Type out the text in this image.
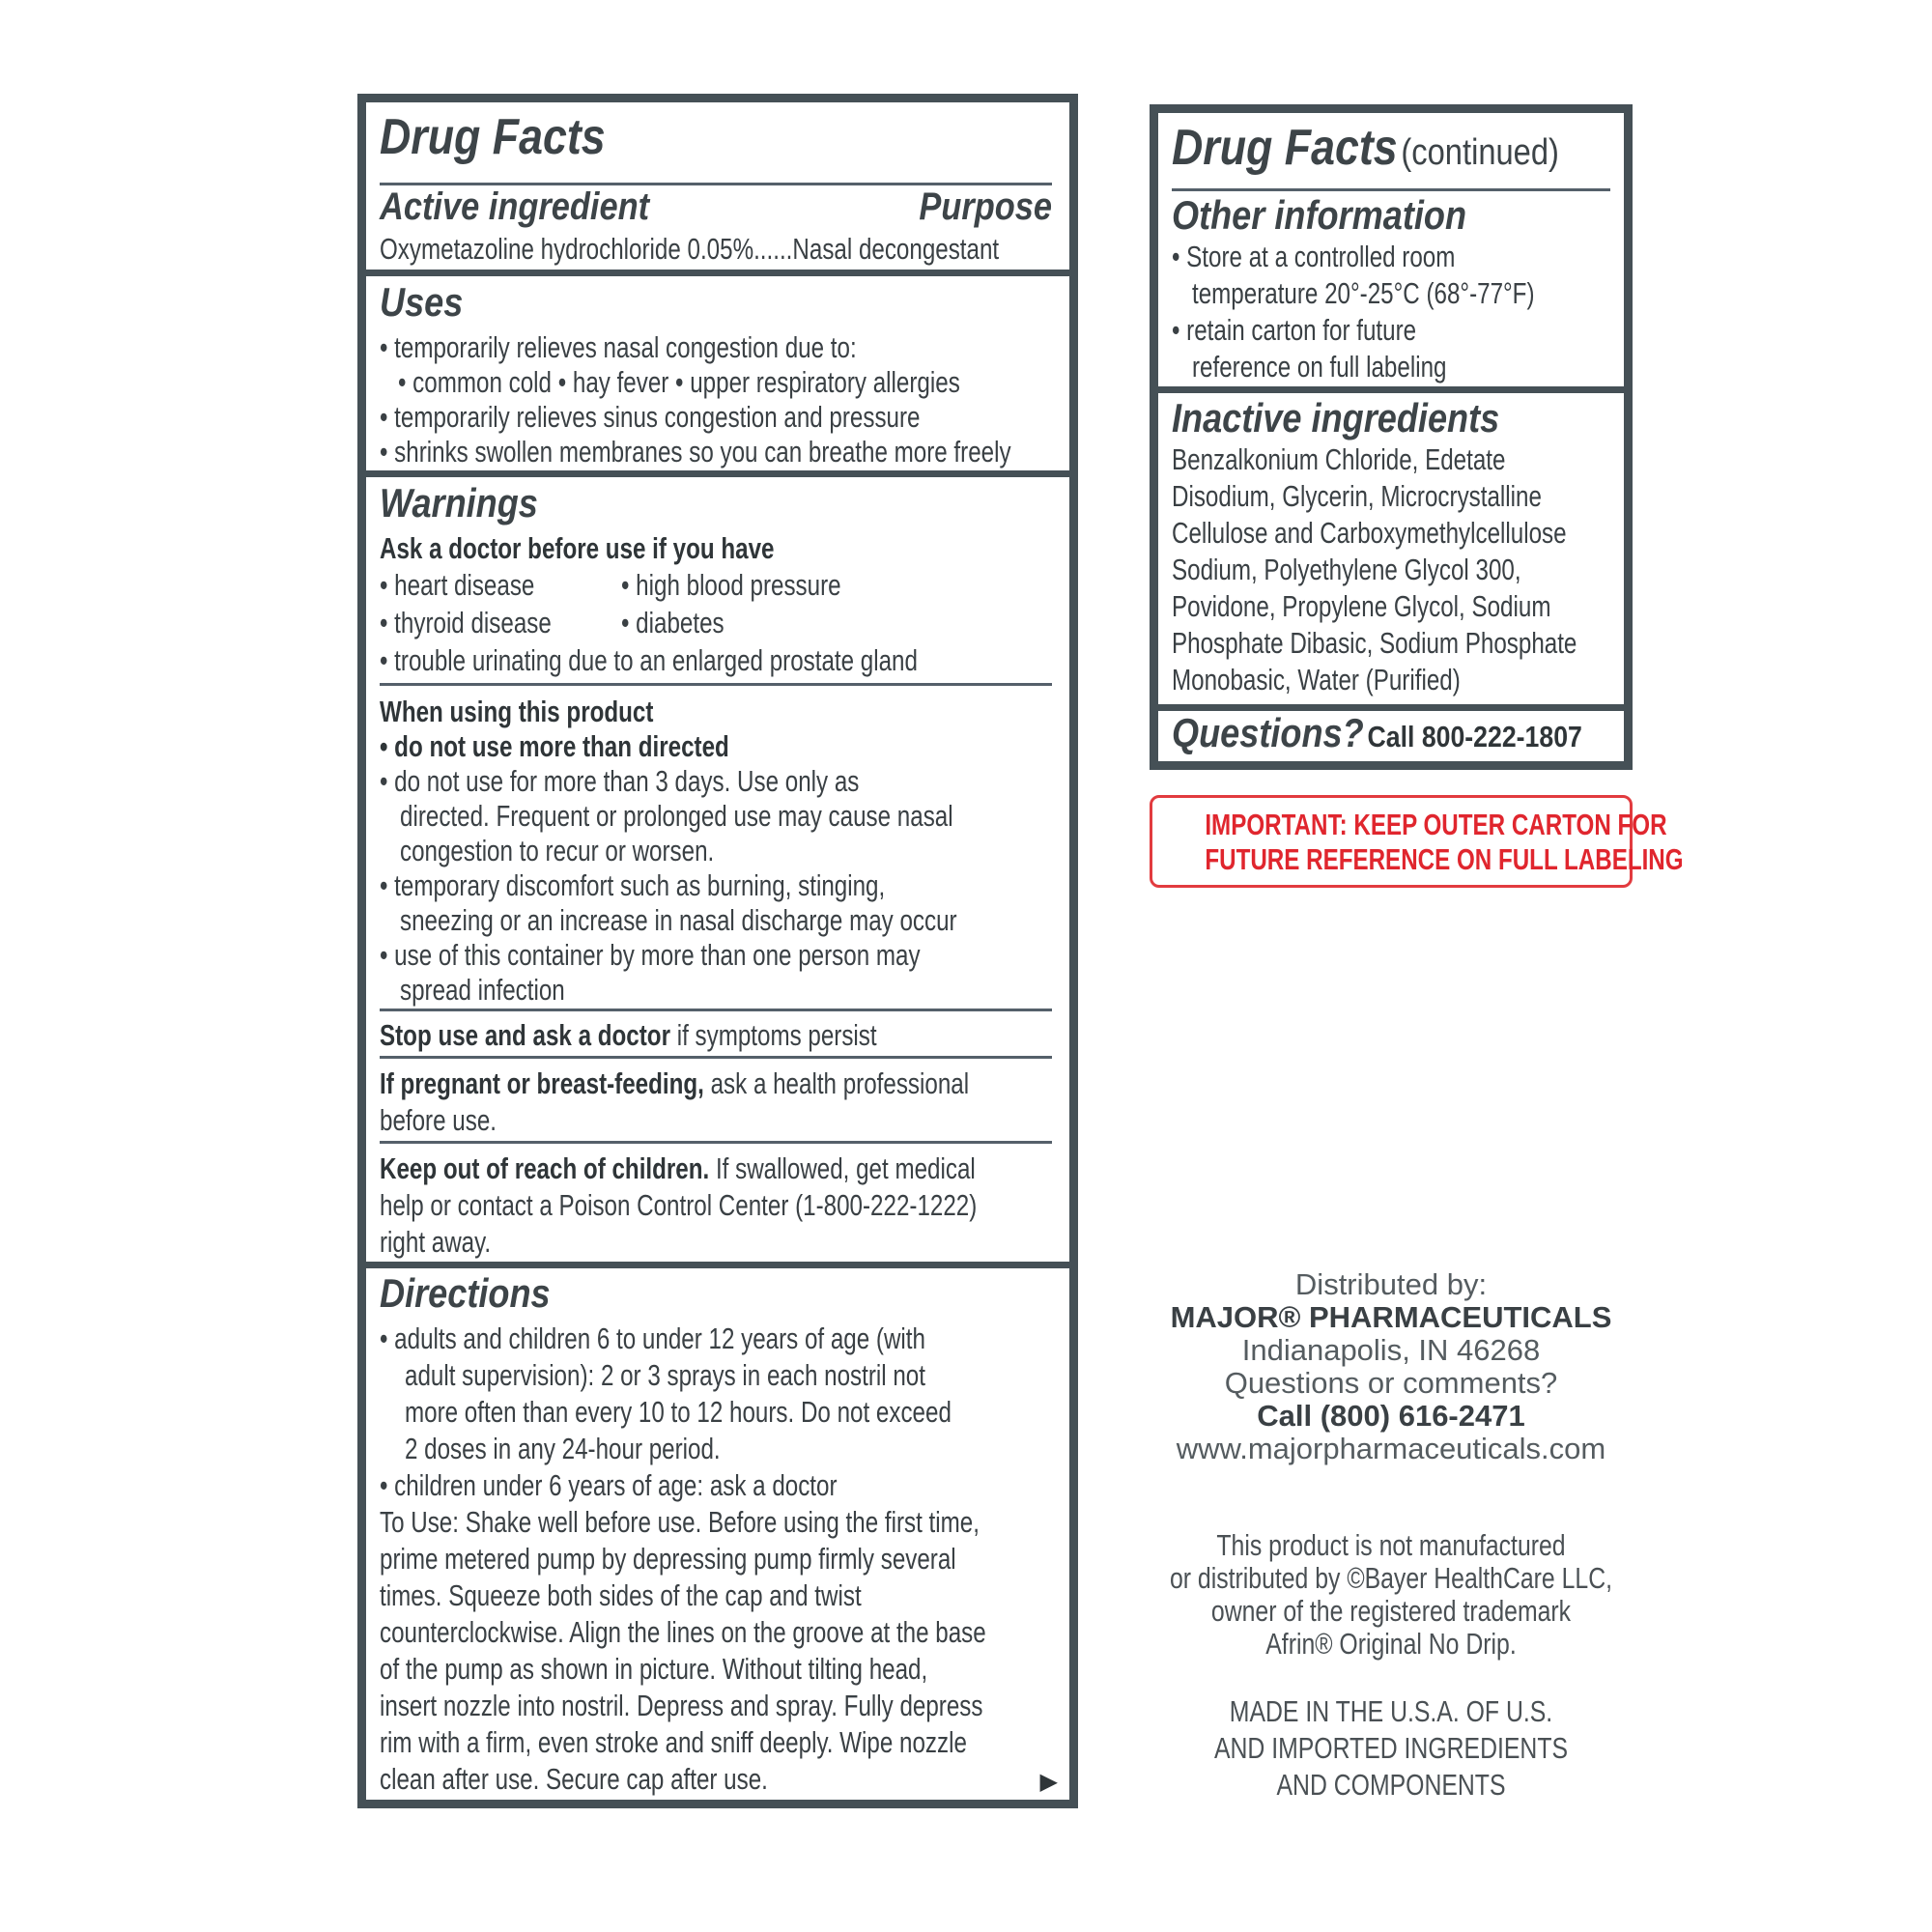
Drug Facts
Active ingredient	Purpose
Oxymetazoline hydrochloride 0.05%......Nasal decongestant
Uses
• temporarily relieves nasal congestion due to:
• common cold • hay fever • upper respiratory allergies
• temporarily relieves sinus congestion and pressure
• shrinks swollen membranes so you can breathe more freely
Warnings
Ask a doctor before use if you have
• heart disease	• high blood pressure
• thyroid disease • diabetes
• trouble urinating due to an enlarged prostate gland
When using this product
• do not use more than directed
• do not use for more than 3 days. Use only as
directed. Frequent or prolonged use may cause nasal
congestion to recur or worsen.
• temporary discomfort such as burning, stinging,
sneezing or an increase in nasal discharge may occur
• use of this container by more than one person may
spread infection
Stop use and ask a doctor if symptoms persist
If pregnant or breast-feeding, ask a health professional
before use.
Keep out of reach of children. If swallowed, get medical
help or contact a Poison Control Center (1-800-222-1222)
right away.
Directions
• adults and children 6 to under 12 years of age (with
adult supervision): 2 or 3 sprays in each nostril not
more often than every 10 to 12 hours. Do not exceed
2 doses in any 24-hour period.
• children under 6 years of age: ask a doctor
To Use: Shake well before use. Before using the first time,
prime metered pump by depressing pump firmly several
times. Squeeze both sides of the cap and twist
counterclockwise. Align the lines on the groove at the base
of the pump as shown in picture. Without tilting head,
insert nozzle into nostril. Depress and spray. Fully depress
rim with a firm, even stroke and sniff deeply. Wipe nozzle
clean after use. Secure cap after use.	▶
Drug Facts (continued)
Other information
• Store at a controlled room
temperature 20°-25°C (68°-77°F)
• retain carton for future
reference on full labeling
Inactive ingredients
Benzalkonium Chloride, Edetate
Disodium, Glycerin, Microcrystalline
Cellulose and Carboxymethylcellulose
Sodium, Polyethylene Glycol 300,
Povidone, Propylene Glycol, Sodium
Phosphate Dibasic, Sodium Phosphate
Monobasic, Water (Purified)
Questions? Call 800-222-1807
IMPORTANT: KEEP OUTER CARTON FOR
FUTURE REFERENCE ON FULL LABELING
Distributed by:
MAJOR® PHARMACEUTICALS
Indianapolis, IN 46268
Questions or comments?
Call (800) 616-2471
www.majorpharmaceuticals.com
This product is not manufactured
or distributed by ©Bayer HealthCare LLC,
owner of the registered trademark
Afrin® Original No Drip.
MADE IN THE U.S.A. OF U.S.
AND IMPORTED INGREDIENTS
AND COMPONENTS
